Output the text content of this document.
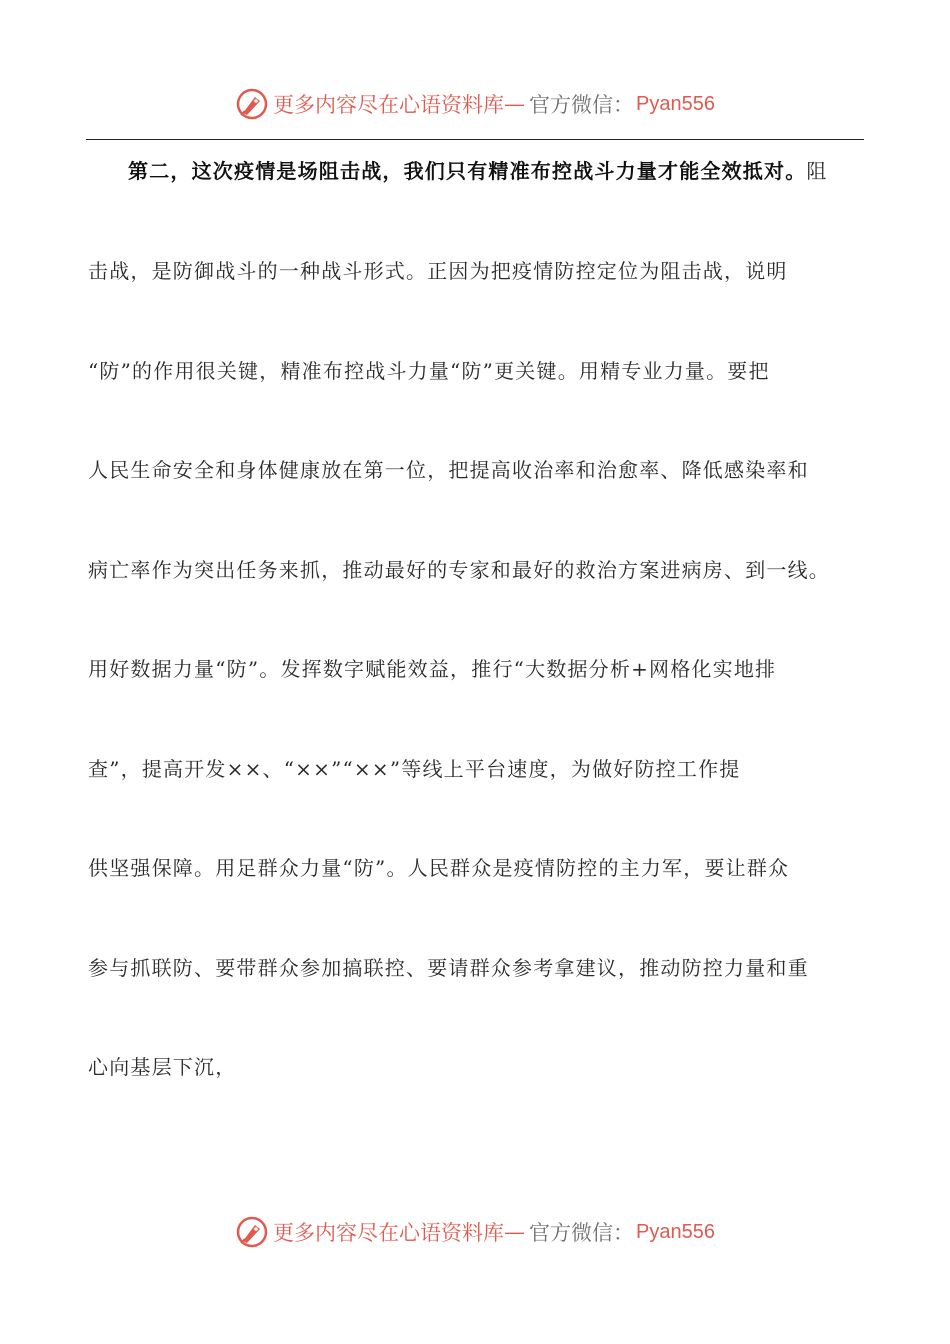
更多内容尽在心语资料库 — 官方微信： Pyan556
第二，这次疫情是场阻击战，我们只有精准布控战斗力量才能全效抵对。阻
击战，是防御战斗的一种战斗形式。正因为把疫情防控定位为阻击战，说明
“防”的作用很关键，精准布控战斗力量“防”更关键。用精专业力量。要把
人民生命安全和身体健康放在第一位，把提高收治率和治愈率、降低感染率和
病亡率作为突出任务来抓，推动最好的专家和最好的救治方案进病房、到一线。
用好数据力量“防”。发挥数字赋能效益，推行“大数据分析+网格化实地排
查”，提高开发××、“××”“××”等线上平台速度，为做好防控工作提
供坚强保障。用足群众力量“防”。人民群众是疫情防控的主力军，要让群众
参与抓联防、要带群众参加搞联控、要请群众参考拿建议，推动防控力量和重
心向基层下沉，
更多内容尽在心语资料库 — 官方微信： Pyan556
